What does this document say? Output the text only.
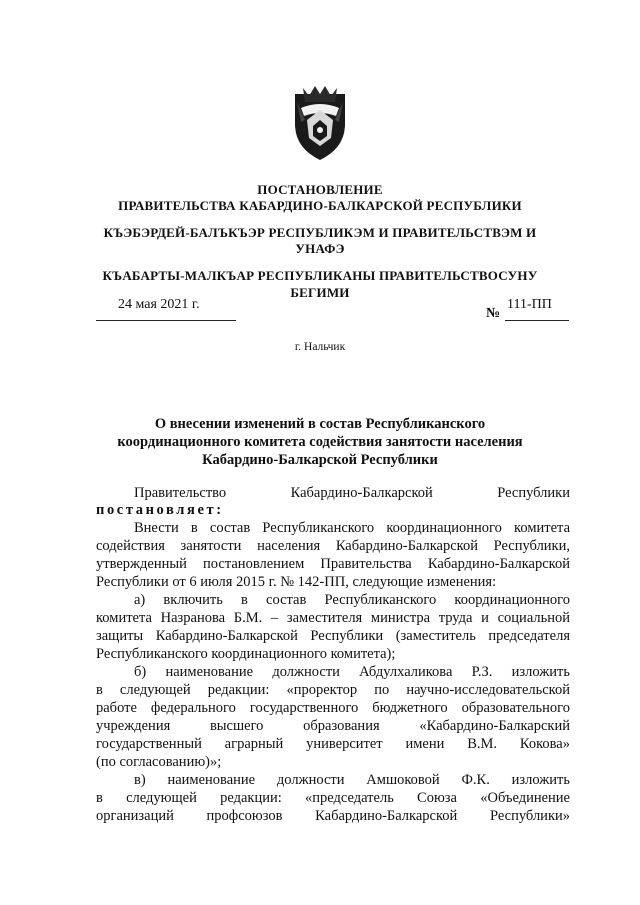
ПОСТАНОВЛЕНИЕ
ПРАВИТЕЛЬСТВА КАБАРДИНО-БАЛКАРСКОЙ РЕСПУБЛИКИ
КЪЭБЭРДЕЙ-БАЛЪКЪЭР РЕСПУБЛИКЭМ И ПРАВИТЕЛЬСТВЭМ И
УНАФЭ
КЪАБАРТЫ-МАЛКЪАР РЕСПУБЛИКАНЫ ПРАВИТЕЛЬСТВОСУНУ
БЕГИМИ
24 мая 2021 г.
№
111-ПП
г. Нальчик
О внесении изменений в состав Республиканского
координационного комитета содействия занятости населения
Кабардино-Балкарской Республики
Правительство Кабардино-Балкарской Республики
постановляет:
Внести в состав Республиканского координационного комитета
содействия занятости населения Кабардино-Балкарской Республики,
утвержденный постановлением Правительства Кабардино-Балкарской
Республики от 6 июля 2015 г. № 142-ПП, следующие изменения:
а) включить в состав Республиканского координационного
комитета Назранова Б.М. – заместителя министра труда и социальной
защиты Кабардино-Балкарской Республики (заместитель председателя
Республиканского координационного комитета);
б) наименование должности Абдулхаликова Р.З. изложить
в следующей редакции: «проректор по научно-исследовательской
работе федерального государственного бюджетного образовательного
учреждения высшего образования «Кабардино-Балкарский
государственный аграрный университет имени В.М. Кокова»
(по согласованию)»;
в) наименование должности Амшоковой Ф.К. изложить
в следующей редакции: «председатель Союза «Объединение
организаций профсоюзов Кабардино-Балкарской Республики»
